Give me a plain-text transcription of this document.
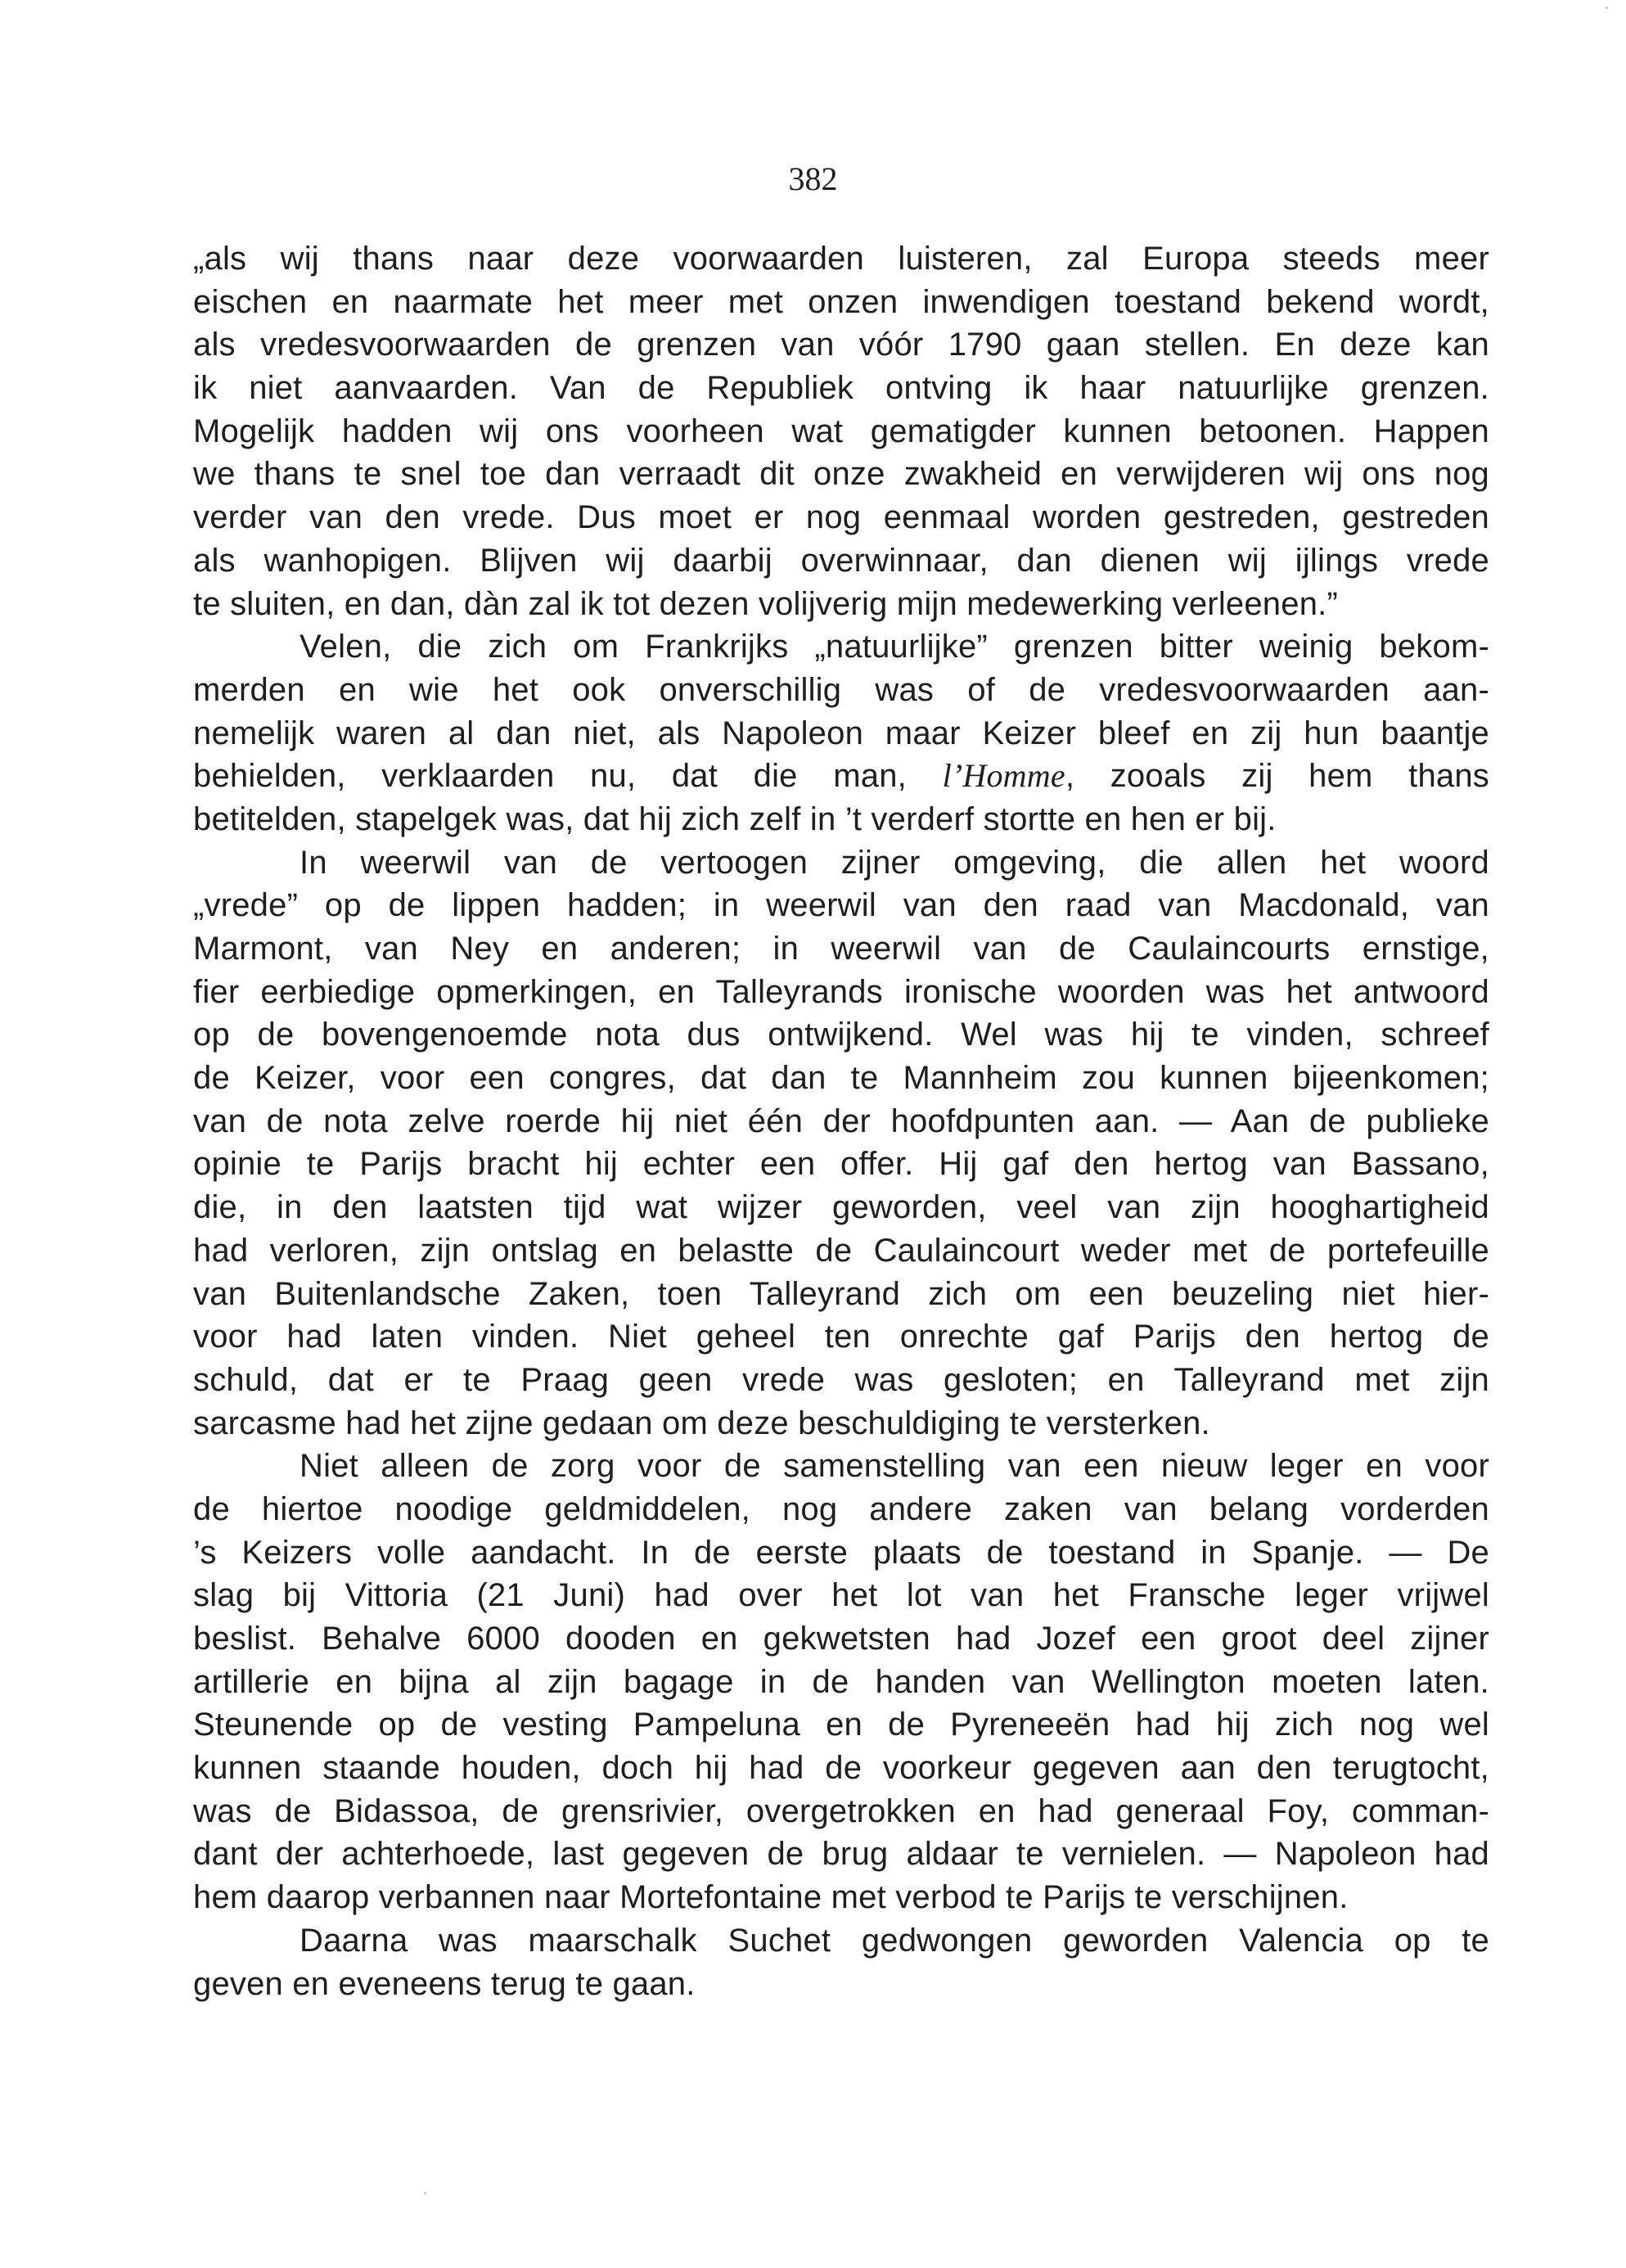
382
„als wij thans naar deze voorwaarden luisteren, zal Europa steeds meer
eischen en naarmate het meer met onzen inwendigen toestand bekend wordt,
als vredesvoorwaarden de grenzen van vóór 1790 gaan stellen. En deze kan
ik niet aanvaarden. Van de Republiek ontving ik haar natuurlijke grenzen.
Mogelijk hadden wij ons voorheen wat gematigder kunnen betoonen. Happen
we thans te snel toe dan verraadt dit onze zwakheid en verwijderen wij ons nog
verder van den vrede. Dus moet er nog eenmaal worden gestreden, gestreden
als wanhopigen. Blijven wij daarbij overwinnaar, dan dienen wij ijlings vrede
te sluiten, en dan, dàn zal ik tot dezen volijverig mijn medewerking verleenen.”
Velen, die zich om Frankrijks „natuurlijke” grenzen bitter weinig bekom-
merden en wie het ook onverschillig was of de vredesvoorwaarden aan-
nemelijk waren al dan niet, als Napoleon maar Keizer bleef en zij hun baantje
behielden, verklaarden nu, dat die man, l’Homme, zooals zij hem thans
betitelden, stapelgek was, dat hij zich zelf in ’t verderf stortte en hen er bij.
In weerwil van de vertoogen zijner omgeving, die allen het woord
„vrede” op de lippen hadden; in weerwil van den raad van Macdonald, van
Marmont, van Ney en anderen; in weerwil van de Caulaincourts ernstige,
fier eerbiedige opmerkingen, en Talleyrands ironische woorden was het antwoord
op de bovengenoemde nota dus ontwijkend. Wel was hij te vinden, schreef
de Keizer, voor een congres, dat dan te Mannheim zou kunnen bijeenkomen;
van de nota zelve roerde hij niet één der hoofdpunten aan. — Aan de publieke
opinie te Parijs bracht hij echter een offer. Hij gaf den hertog van Bassano,
die, in den laatsten tijd wat wijzer geworden, veel van zijn hooghartigheid
had verloren, zijn ontslag en belastte de Caulaincourt weder met de portefeuille
van Buitenlandsche Zaken, toen Talleyrand zich om een beuzeling niet hier-
voor had laten vinden. Niet geheel ten onrechte gaf Parijs den hertog de
schuld, dat er te Praag geen vrede was gesloten; en Talleyrand met zijn
sarcasme had het zijne gedaan om deze beschuldiging te versterken.
Niet alleen de zorg voor de samenstelling van een nieuw leger en voor
de hiertoe noodige geldmiddelen, nog andere zaken van belang vorderden
’s Keizers volle aandacht. In de eerste plaats de toestand in Spanje. — De
slag bij Vittoria (21 Juni) had over het lot van het Fransche leger vrijwel
beslist. Behalve 6000 dooden en gekwetsten had Jozef een groot deel zijner
artillerie en bijna al zijn bagage in de handen van Wellington moeten laten.
Steunende op de vesting Pampeluna en de Pyreneeën had hij zich nog wel
kunnen staande houden, doch hij had de voorkeur gegeven aan den terugtocht,
was de Bidassoa, de grensrivier, overgetrokken en had generaal Foy, comman-
dant der achterhoede, last gegeven de brug aldaar te vernielen. — Napoleon had
hem daarop verbannen naar Mortefontaine met verbod te Parijs te verschijnen.
Daarna was maarschalk Suchet gedwongen geworden Valencia op te
geven en eveneens terug te gaan.
